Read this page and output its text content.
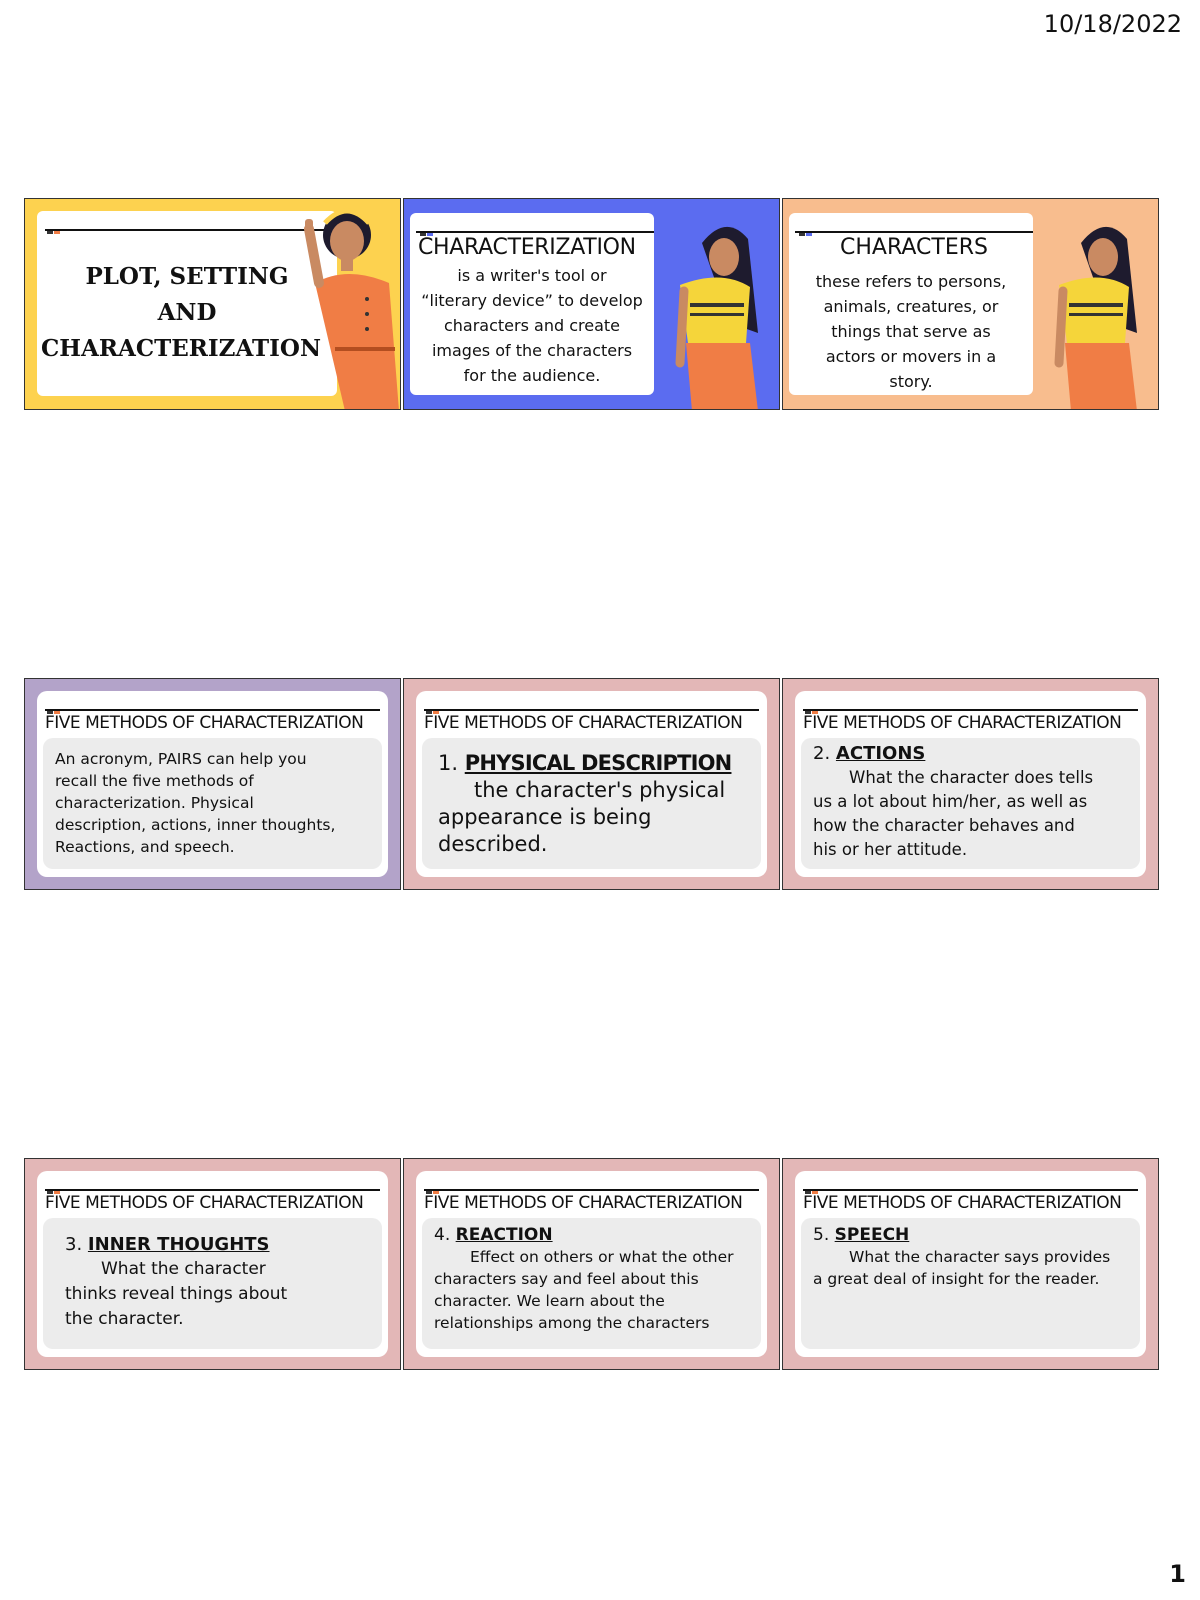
10/18/2022
PLOT, SETTING
AND
CHARACTERIZATION
CHARACTERIZATION
is a writer's tool or
“literary device” to develop
characters and create
images of the characters
for the audience.
CHARACTERS
these refers to persons,
animals, creatures, or
things that serve as
actors or movers in a
story.
FIVE METHODS OF CHARACTERIZATION
An acronym, PAIRS can help you
recall the five methods of
characterization. Physical
description, actions, inner thoughts,
Reactions, and speech.
FIVE METHODS OF CHARACTERIZATION
1. PHYSICAL DESCRIPTION
the character's physical
appearance is being
described.
FIVE METHODS OF CHARACTERIZATION
2. ACTIONS
What the character does tells
us a lot about him/her, as well as
how the character behaves and
his or her attitude.
FIVE METHODS OF CHARACTERIZATION
3. INNER THOUGHTS
What the character
thinks reveal things about
the character.
FIVE METHODS OF CHARACTERIZATION
4. REACTION
Effect on others or what the other
characters say and feel about this
character. We learn about the
relationships among the characters
FIVE METHODS OF CHARACTERIZATION
5. SPEECH
What the character says provides
a great deal of insight for the reader.
1
